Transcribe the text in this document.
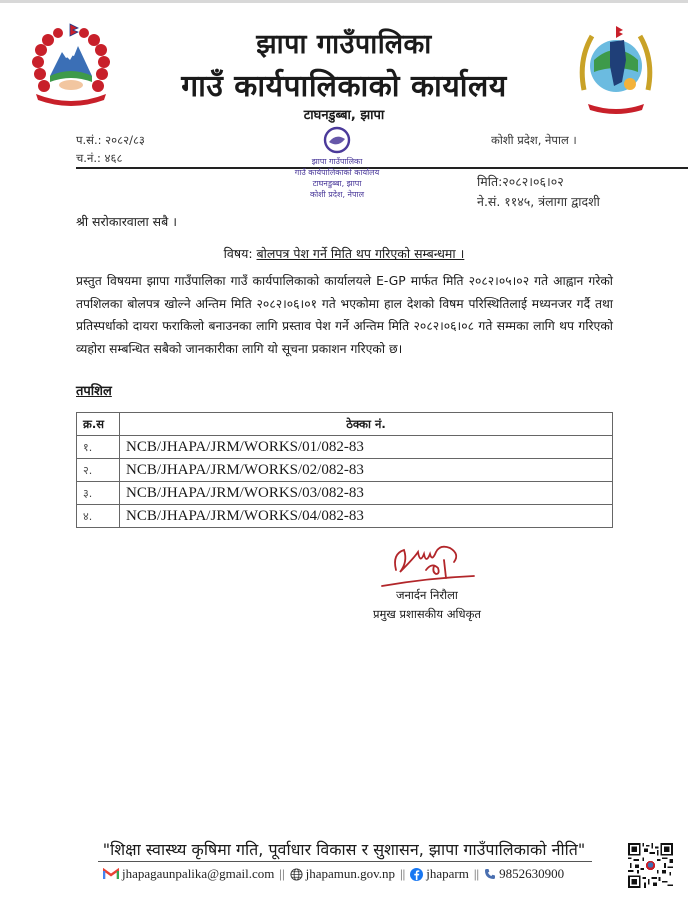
झापा गाउँपालिका
गाउँ कार्यपालिकाको कार्यालय
टाघनडुब्बा, झापा
प.सं.: २०८२/८३
च.नं.: ४६८
कोशी प्रदेश, नेपाल ।
झापा गाउँपालिका
गाउँ कार्यपालिकाको कार्यालय
टाघनडुब्बा, झापा
कोशी प्रदेश, नेपाल
मिति:२०८२।०६।०२
ने.सं. ११४५, त्रंलागा द्वादशी
श्री सरोकारवाला सबै ।
विषय: बोलपत्र पेश गर्ने मिति थप गरिएको सम्बन्धमा ।
प्रस्तुत विषयमा झापा गाउँपालिका गाउँ कार्यपालिकाको कार्यालयले E-GP मार्फत मिति २०८२।०५।०२ गते आह्वान गरेको तपशिलका बोलपत्र खोल्ने अन्तिम मिति २०८२।०६।०१ गते भएकोमा हाल देशको विषम परिस्थितिलाई मध्यनजर गर्दै तथा प्रतिस्पर्धाको दायरा फराकिलो बनाउनका लागि प्रस्ताव पेश गर्ने अन्तिम मिति २०८२।०६।०८ गते सम्मका लागि थप गरिएको व्यहोरा सम्बन्धित सबैको जानकारीका लागि यो सूचना प्रकाशन गरिएको छ।
तपशिल
क्र.स	ठेक्का नं.
१.	NCB/JHAPA/JRM/WORKS/01/082-83
२.	NCB/JHAPA/JRM/WORKS/02/082-83
३.	NCB/JHAPA/JRM/WORKS/03/082-83
४.	NCB/JHAPA/JRM/WORKS/04/082-83
जनार्दन निरौला
प्रमुख प्रशासकीय अधिकृत
"शिक्षा स्वास्थ्य कृषिमा गति, पूर्वाधार विकास र सुशासन, झापा गाउँपालिकाको नीति"
jhapagaunpalika@gmail.com || jhapamun.gov.np || jhaparm || 9852630900
